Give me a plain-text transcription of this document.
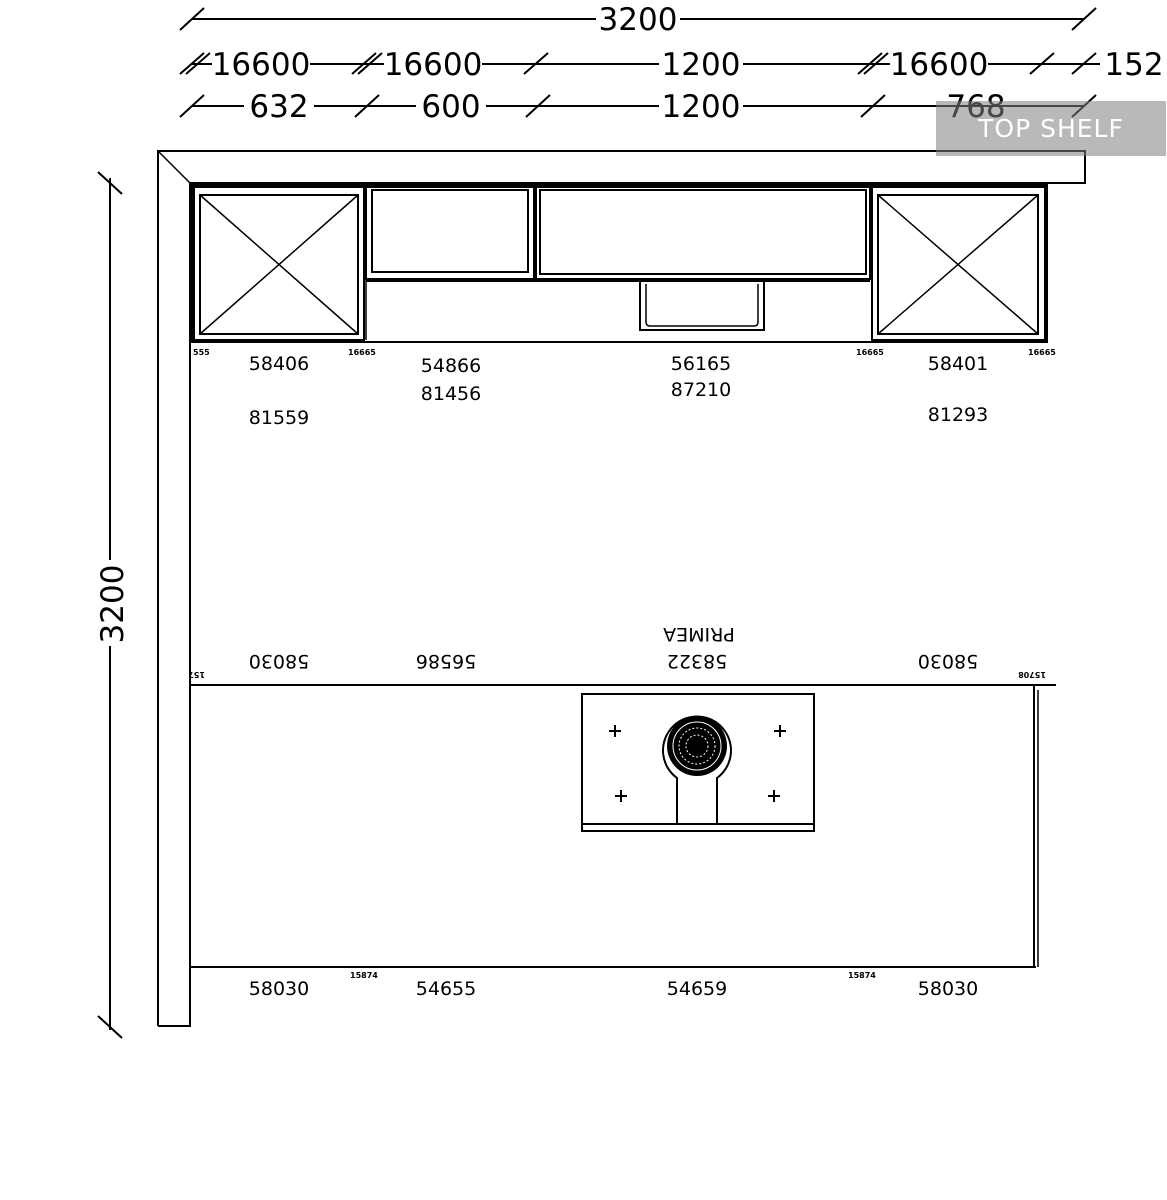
3200
16600 16600	1200	16600	152
632	600	1200
3200
555	16665	16665	16665
58406	54866	56165	58401
81559
81456	87210
81293
58030	56586	58322
PRIMEA
58030
157	15708
15874	15874
58030	54655	54659	58030
TOP SHELF
